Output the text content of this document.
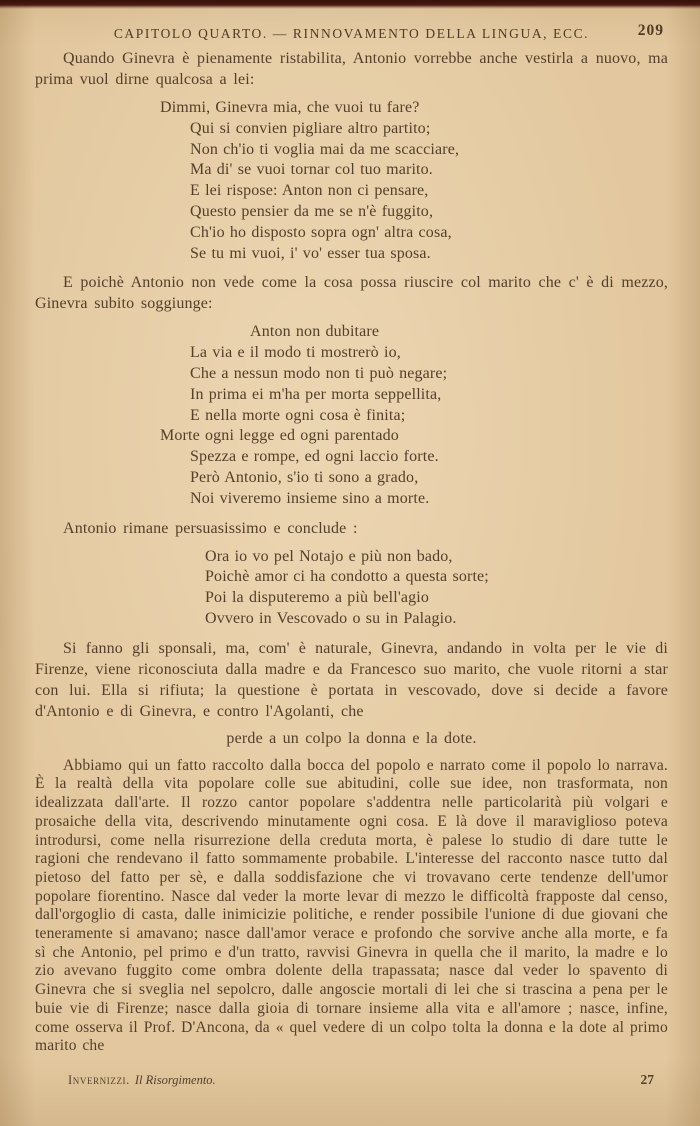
CAPITOLO QUARTO. — RINNOVAMENTO DELLA LINGUA, ECC.	209

Quando Ginevra è pienamente ristabilita, Antonio vorrebbe anche vestirla a nuovo, ma prima vuol dirne qualcosa a lei:

Dimmi, Ginevra mia, che vuoi tu fare?
Qui si convien pigliare altro partito;
Non ch'io ti voglia mai da me scacciare,
Ma di' se vuoi tornar col tuo marito.
E lei rispose: Anton non ci pensare,
Questo pensier da me se n'è fuggito,
Ch'io ho disposto sopra ogn' altra cosa,
Se tu mi vuoi, i' vo' esser tua sposa.

E poichè Antonio non vede come la cosa possa riuscire col marito che c' è di mezzo, Ginevra subito soggiunge:

Anton non dubitare
La via e il modo ti mostrerò io,
Che a nessun modo non ti può negare;
In prima ei m'ha per morta seppellita,
E nella morte ogni cosa è finita;
Morte ogni legge ed ogni parentado
Spezza e rompe, ed ogni laccio forte.
Però Antonio, s'io ti sono a grado,
Noi viveremo insieme sino a morte.

Antonio rimane persuasissimo e conclude :

Ora io vo pel Notajo e più non bado,
Poichè amor ci ha condotto a questa sorte;
Poi la disputeremo a più bell'agio
Ovvero in Vescovado o su in Palagio.

Si fanno gli sponsali, ma, com' è naturale, Ginevra, andando in volta per le vie di Firenze, viene riconosciuta dalla madre e da Francesco suo marito, che vuole ritorni a star con lui. Ella si rifiuta; la questione è portata in vescovado, dove si decide a favore d'Antonio e di Ginevra, e contro l'Agolanti, che

perde a un colpo la donna e la dote.

Abbiamo qui un fatto raccolto dalla bocca del popolo e narrato come il popolo lo narrava. È la realtà della vita popolare colle sue abitudini, colle sue idee, non trasformata, non idealizzata dall'arte. Il rozzo cantor popolare s'addentra nelle particolarità più volgari e prosaiche della vita, descrivendo minutamente ogni cosa. E là dove il maraviglioso poteva introdursi, come nella risurrezione della creduta morta, è palese lo studio di dare tutte le ragioni che rendevano il fatto sommamente probabile. L'interesse del racconto nasce tutto dal pietoso del fatto per sè, e dalla soddisfazione che vi trovavano certe tendenze dell'umor popolare fiorentino. Nasce dal veder la morte levar di mezzo le difficoltà frapposte dal censo, dall'orgoglio di casta, dalle inimicizie politiche, e render possibile l'unione di due giovani che teneramente si amavano; nasce dall'amor verace e profondo che sorvive anche alla morte, e fa sì che Antonio, pel primo e d'un tratto, ravvisi Ginevra in quella che il marito, la madre e lo zio avevano fuggito come ombra dolente della trapassata; nasce dal veder lo spavento di Ginevra che si sveglia nel sepolcro, dalle angoscie mortali di lei che si trascina a pena per le buie vie di Firenze; nasce dalla gioia di tornare insieme alla vita e all'amore ; nasce, infine, come osserva il Prof. D'Ancona, da « quel vedere di un colpo tolta la donna e la dote al primo marito che

Invernizzi. Il Risorgimento.	27
